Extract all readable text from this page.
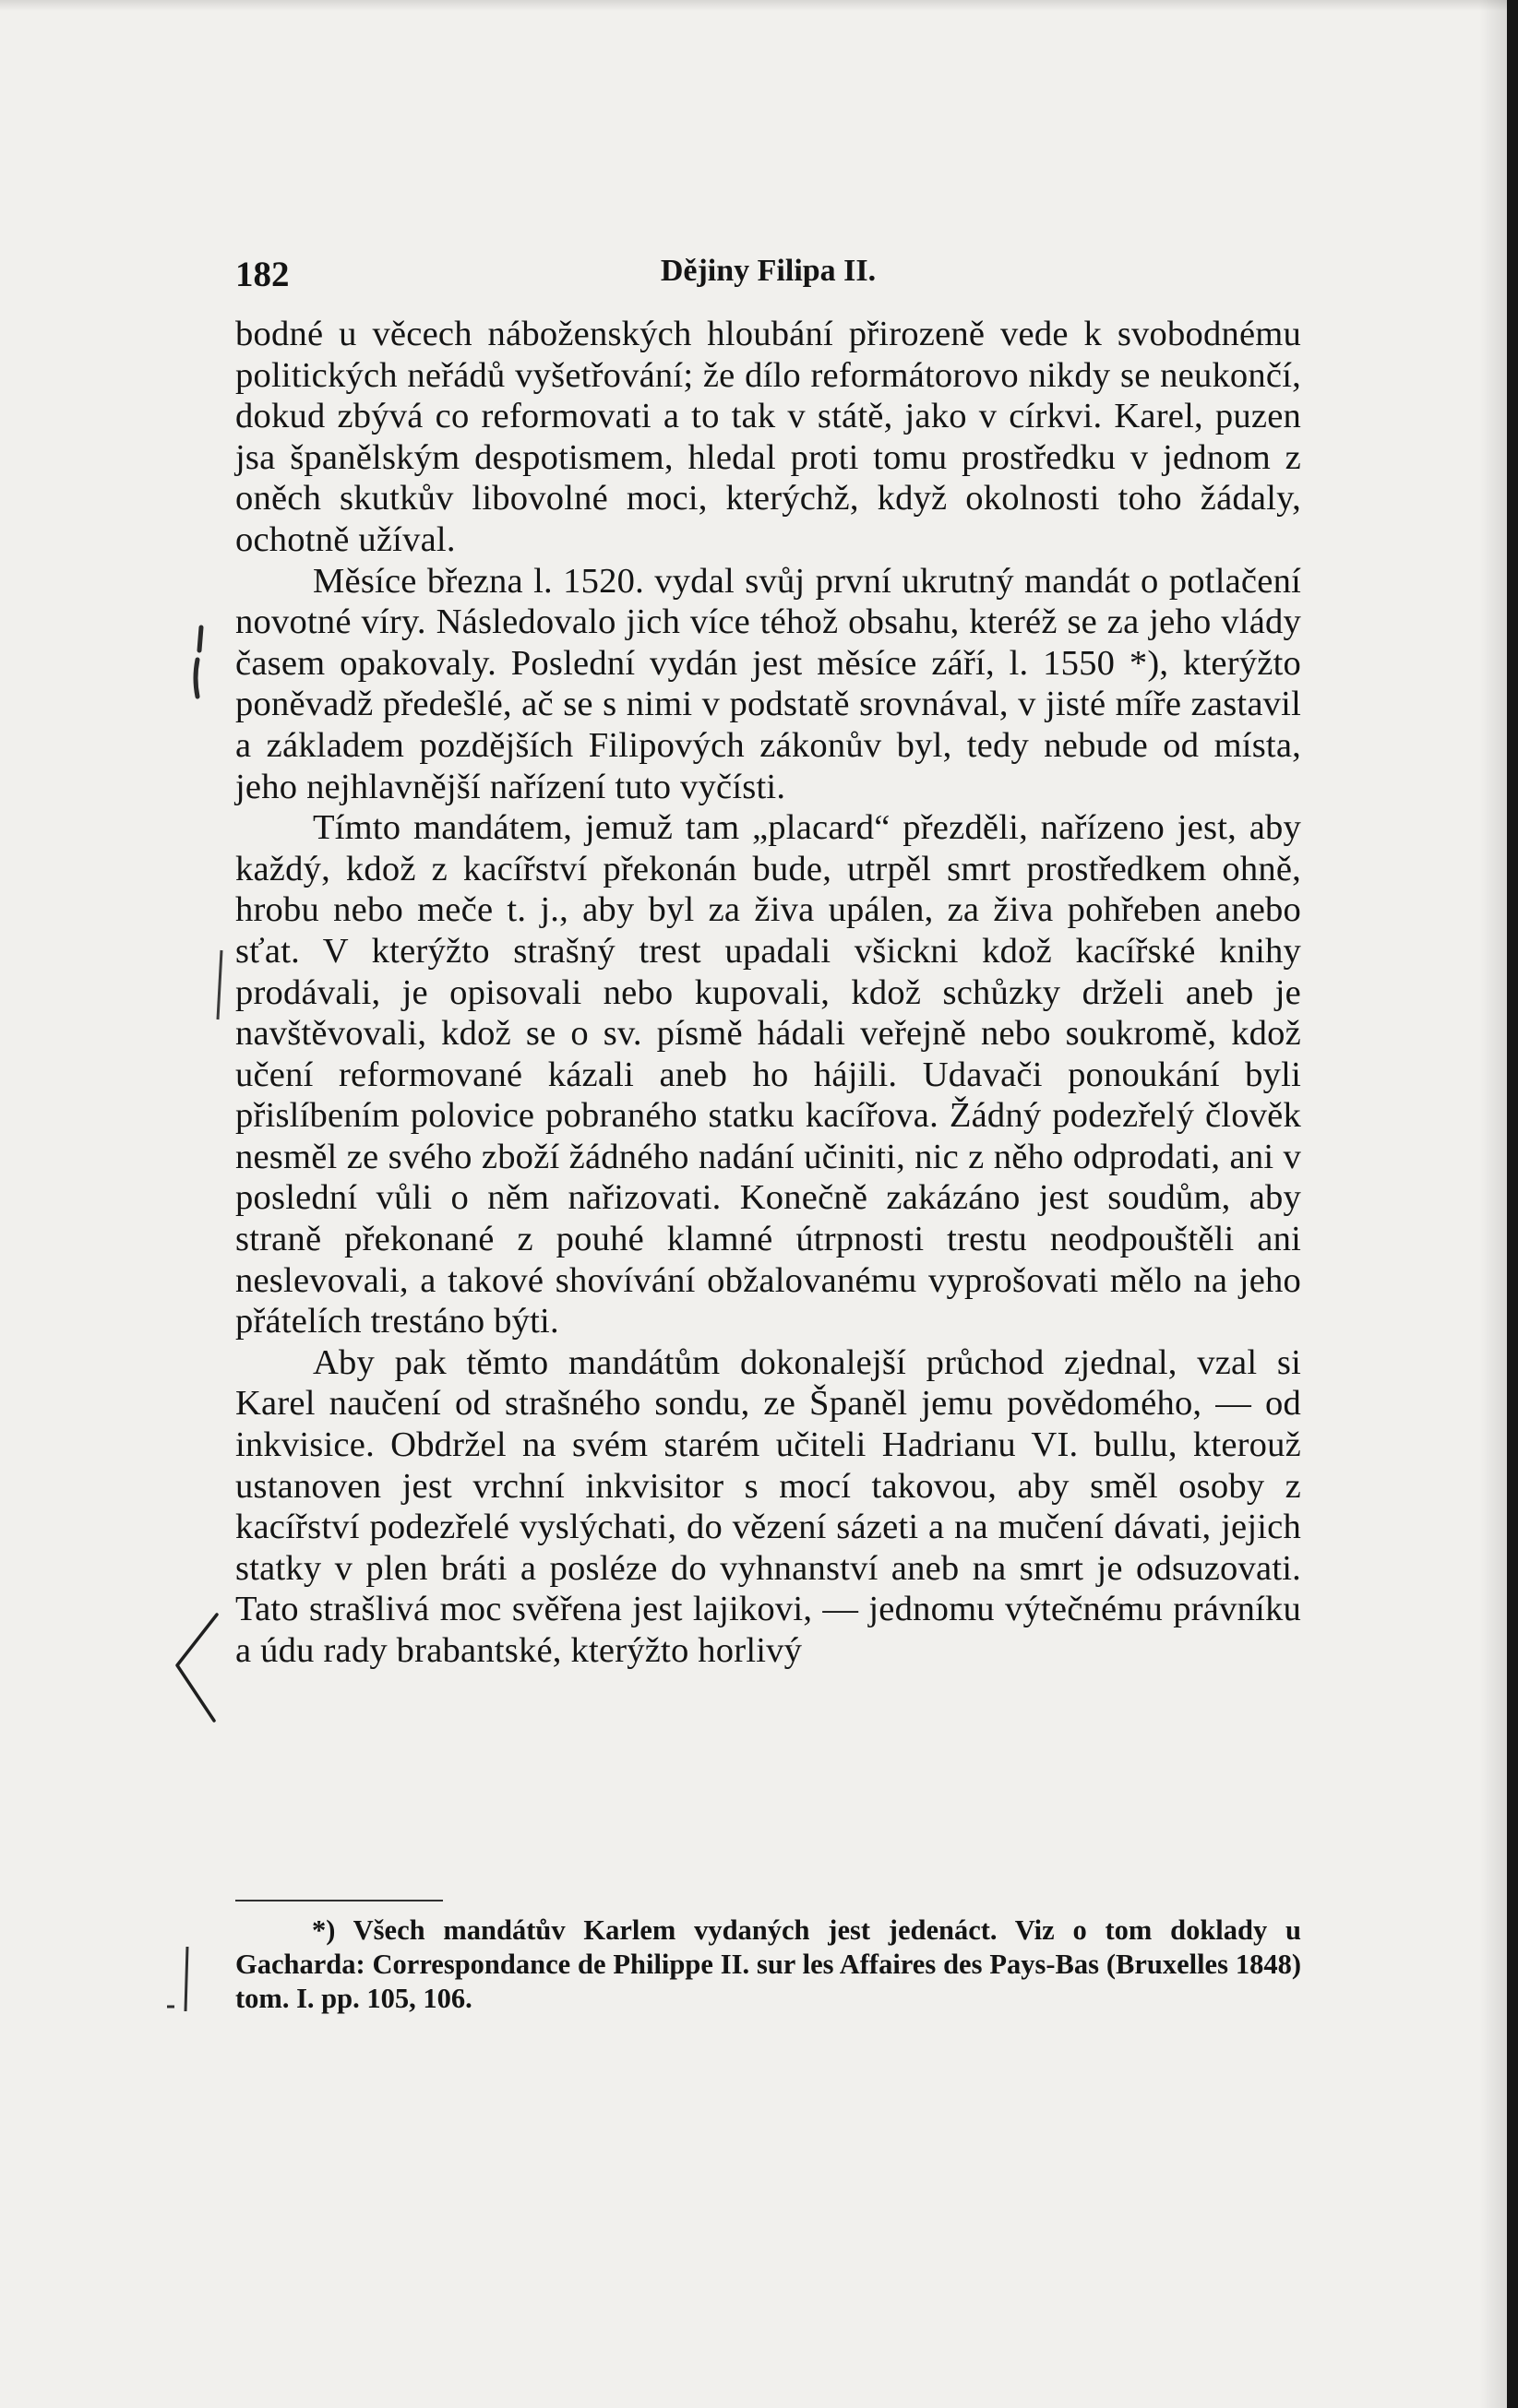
182	Dějiny Filipa II.

bodné u věcech náboženských hloubání přirozeně vede k svobodnému politických neřádů vyšetřování; že dílo reformátorovo nikdy se neukončí, dokud zbývá co reformovati a to tak v státě, jako v církvi. Karel, puzen jsa španělským despotismem, hledal proti tomu prostředku v jednom z oněch skutkův libovolné moci, kterýchž, když okolnosti toho žádaly, ochotně užíval.

Měsíce března l. 1520. vydal svůj první ukrutný mandát o potlačení novotné víry. Následovalo jich více téhož obsahu, kteréž se za jeho vlády časem opakovaly. Poslední vydán jest měsíce září, l. 1550 *), kterýžto poněvadž předešlé, ač se s nimi v podstatě srovnával, v jisté míře zastavil a základem pozdějších Filipových zákonův byl, tedy nebude od místa, jeho nejhlavnější nařízení tuto vyčísti.

Tímto mandátem, jemuž tam „placard“ přezděli, nařízeno jest, aby každý, kdož z kacířství překonán bude, utrpěl smrt prostředkem ohně, hrobu nebo meče t. j., aby byl za živa upálen, za živa pohřeben anebo sťat. V kterýžto strašný trest upadali všickni kdož kacířské knihy prodávali, je opisovali nebo kupovali, kdož schůzky drželi aneb je navštěvovali, kdož se o sv. písmě hádali veřejně nebo soukromě, kdož učení reformované kázali aneb ho hájili. Udavači ponoukání byli přislíbením polovice pobraného statku kacířova. Žádný podezřelý člověk nesměl ze svého zboží žádného nadání učiniti, nic z něho odprodati, ani v poslední vůli o něm nařizovati. Konečně zakázáno jest soudům, aby straně překonané z pouhé klamné útrpnosti trestu neodpouštěli ani neslevovali, a takové shovívání obžalovanému vyprošovati mělo na jeho přátelích trestáno býti.

Aby pak těmto mandátům dokonalejší průchod zjednal, vzal si Karel naučení od strašného sondu, ze Španěl jemu povědomého, — od inkvisice. Obdržel na svém starém učiteli Hadrianu VI. bullu, kterouž ustanoven jest vrchní inkvisitor s mocí takovou, aby směl osoby z kacířství podezřelé vyslýchati, do vězení sázeti a na mučení dávati, jejich statky v plen bráti a posléze do vyhnanství aneb na smrt je odsuzovati. Tato strašlivá moc svěřena jest lajikovi, — jednomu výtečnému právníku a údu rady brabantské, kterýžto horlivý

*) Všech mandátův Karlem vydaných jest jedenáct. Viz o tom doklady u Gacharda: Correspondance de Philippe II. sur les Affaires des Pays-Bas (Bruxelles 1848) tom. I. pp. 105, 106.
